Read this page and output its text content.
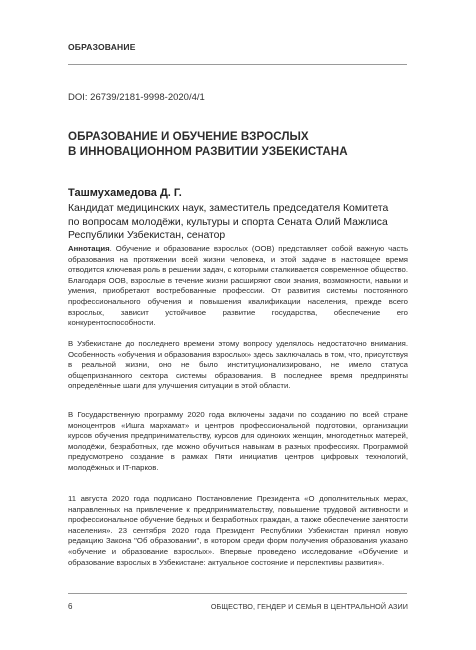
ОБРАЗОВАНИЕ
DOI: 26739/2181-9998-2020/4/1
ОБРАЗОВАНИЕ И ОБУЧЕНИЕ ВЗРОСЛЫХ
В ИННОВАЦИОННОМ РАЗВИТИИ УЗБЕКИСТАНА
Ташмухамедова Д. Г.
Кандидат медицинских наук, заместитель председателя Комитета
по вопросам молодёжи, культуры и спорта Сената Олий Мажлиса
Республики Узбекистан, сенатор
Аннотация. Обучение и образование взрослых (ООВ) представляет собой важную часть образования на протяжении всей жизни человека, и этой задаче в настоящее время отводится ключевая роль в решении задач, с которыми сталкивается современное общество. Благодаря ООВ, взрослые в течение жизни расширяют свои знания, возможности, навыки и умения, приобретают востребованные профессии. От развития системы постоянного профессионального обучения и повышения квалификации населения, прежде всего взрослых, зависит устойчивое развитие государства, обеспечение его конкурентоспособности.
В Узбекистане до последнего времени этому вопросу уделялось недостаточно внимания. Особенность «обучения и образования взрослых» здесь заключалась в том, что, присутствуя в реальной жизни, оно не было институционализировано, не имело статуса общепризнанного сектора системы образования. В последнее время предприняты определённые шаги для улучшения ситуации в этой области.
В Государственную программу 2020 года включены задачи по созданию по всей стране моноцентров «Ишга мархамат» и центров профессиональной подготовки, организации курсов обучения предпринимательству, курсов для одиноких женщин, многодетных матерей, молодёжи, безработных, где можно обучиться навыкам в разных профессиях. Программой предусмотрено создание в рамках Пяти инициатив центров цифровых технологий, молодёжных и IT-парков.
11 августа 2020 года подписано Постановление Президента «О дополнительных мерах, направленных на привлечение к предпринимательству, повышение трудовой активности и профессиональное обучение бедных и безработных граждан, а также обеспечение занятости населения». 23 сентября 2020 года Президент Республики Узбекистан принял новую редакцию Закона "Об образовании", в котором среди форм получения образования указано «обучение и образование взрослых». Впервые проведено исследование «Обучение и образование взрослых в Узбекистане: актуальное состояние и перспективы развития».
6	ОБЩЕСТВО, ГЕНДЕР И СЕМЬЯ В ЦЕНТРАЛЬНОЙ АЗИИ
